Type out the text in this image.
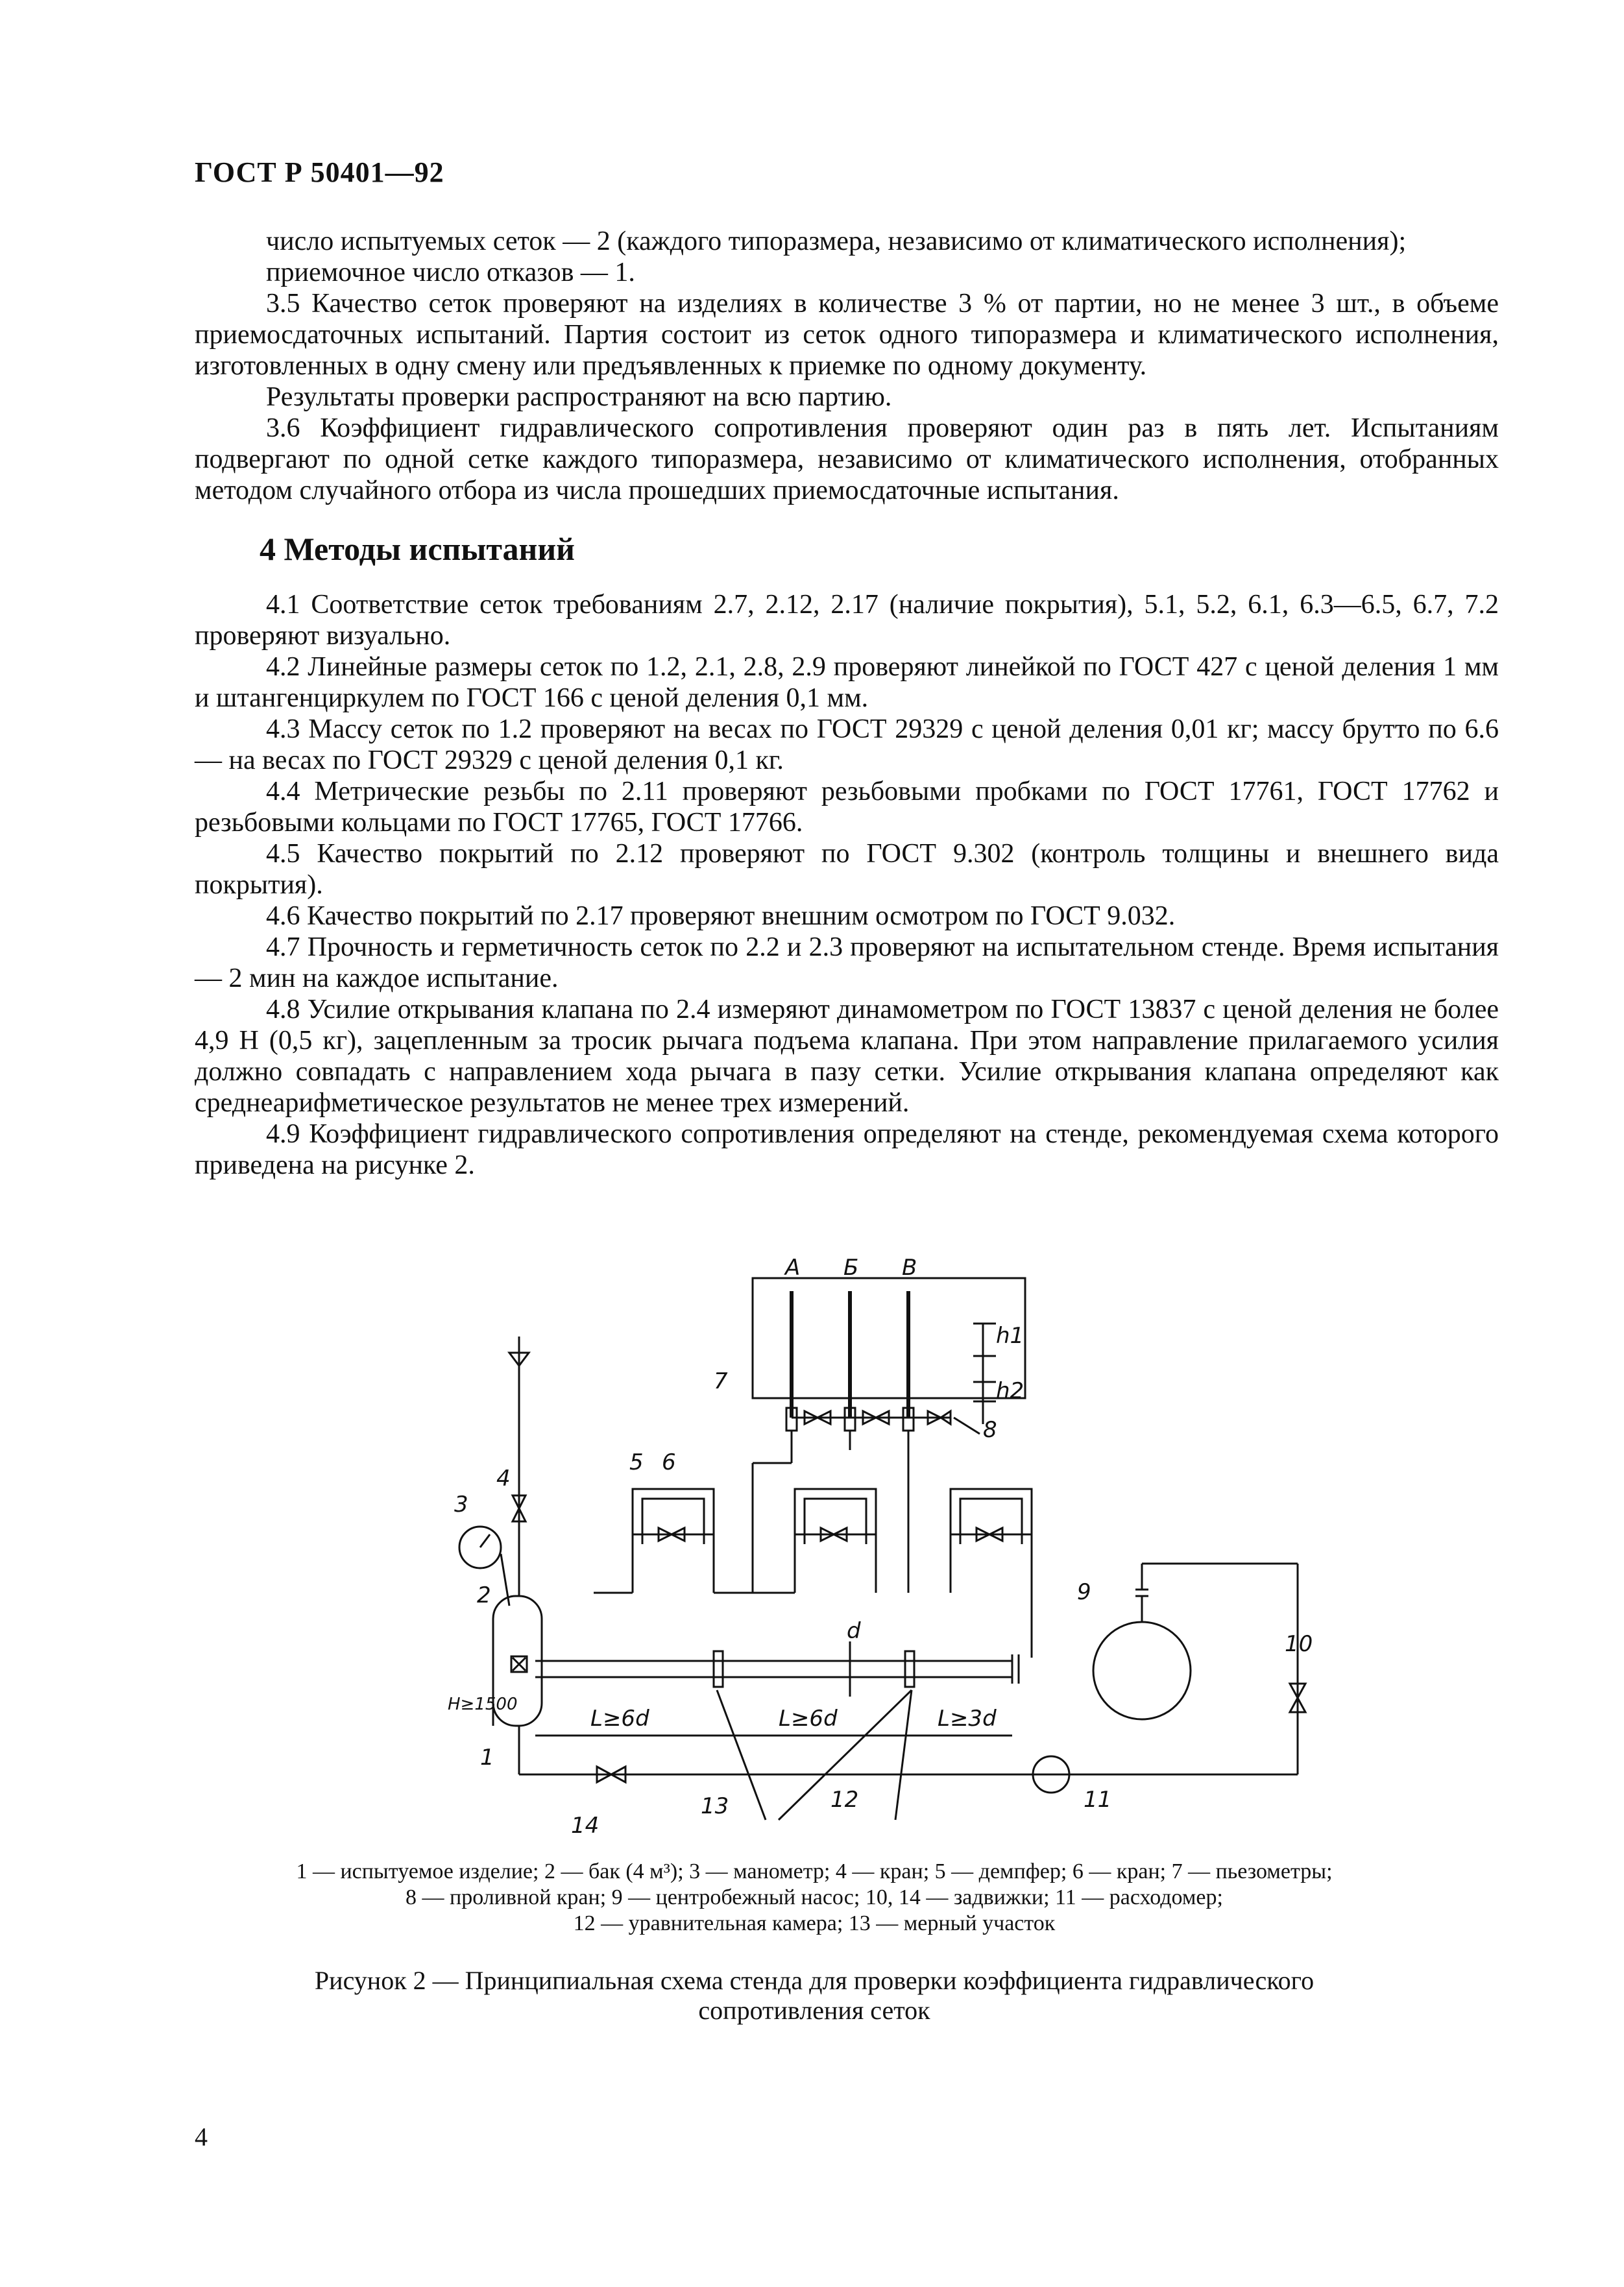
ГОСТ Р 50401—92

число испытуемых сеток — 2 (каждого типоразмера, независимо от климатического исполнения);

приемочное число отказов — 1.

3.5 Качество сеток проверяют на изделиях в количестве 3 % от партии, но не менее 3 шт., в объеме приемосдаточных испытаний. Партия состоит из сеток одного типоразмера и климатического исполнения, изготовленных в одну смену или предъявленных к приемке по одному документу.

Результаты проверки распространяют на всю партию.

3.6 Коэффициент гидравлического сопротивления проверяют один раз в пять лет. Испытаниям подвергают по одной сетке каждого типоразмера, независимо от климатического исполнения, отобранных методом случайного отбора из числа прошедших приемосдаточные испытания.

4 Методы испытаний

4.1 Соответствие сеток требованиям 2.7, 2.12, 2.17 (наличие покрытия), 5.1, 5.2, 6.1, 6.3—6.5, 6.7, 7.2 проверяют визуально.

4.2 Линейные размеры сеток по 1.2, 2.1, 2.8, 2.9 проверяют линейкой по ГОСТ 427 с ценой деления 1 мм и штангенциркулем по ГОСТ 166 с ценой деления 0,1 мм.

4.3 Массу сеток по 1.2 проверяют на весах по ГОСТ 29329 с ценой деления 0,01 кг; массу брутто по 6.6 — на весах по ГОСТ 29329 с ценой деления 0,1 кг.

4.4 Метрические резьбы по 2.11 проверяют резьбовыми пробками по ГОСТ 17761, ГОСТ 17762 и резьбовыми кольцами по ГОСТ 17765, ГОСТ 17766.

4.5 Качество покрытий по 2.12 проверяют по ГОСТ 9.302 (контроль толщины и внешнего вида покрытия).

4.6 Качество покрытий по 2.17 проверяют внешним осмотром по ГОСТ 9.032.

4.7 Прочность и герметичность сеток по 2.2 и 2.3 проверяют на испытательном стенде. Время испытания — 2 мин на каждое испытание.

4.8 Усилие открывания клапана по 2.4 измеряют динамометром по ГОСТ 13837 с ценой деления не более 4,9 Н (0,5 кг), зацепленным за тросик рычага подъема клапана. При этом направление прилагаемого усилия должно совпадать с направлением хода рычага в пазу сетки. Усилие открывания клапана определяют как среднеарифметическое результатов не менее трех измерений.

4.9 Коэффициент гидравлического сопротивления определяют на стенде, рекомендуемая схема которого приведена на рисунке 2.

А Б В
h1
h2
d
L≥6d	L≥6d	L≥3d
H≥1500
1
2
3
4
5 6
7
8
9
10
11
12
13
14
1 — испытуемое изделие; 2 — бак (4 м³); 3 — манометр; 4 — кран; 5 — демпфер; 6 — кран; 7 — пьезометры;
8 — проливной кран; 9 — центробежный насос; 10, 14 — задвижки; 11 — расходомер;
12 — уравнительная камера; 13 — мерный участок
Рисунок 2 — Принципиальная схема стенда для проверки коэффициента гидравлического сопротивления сеток
4
